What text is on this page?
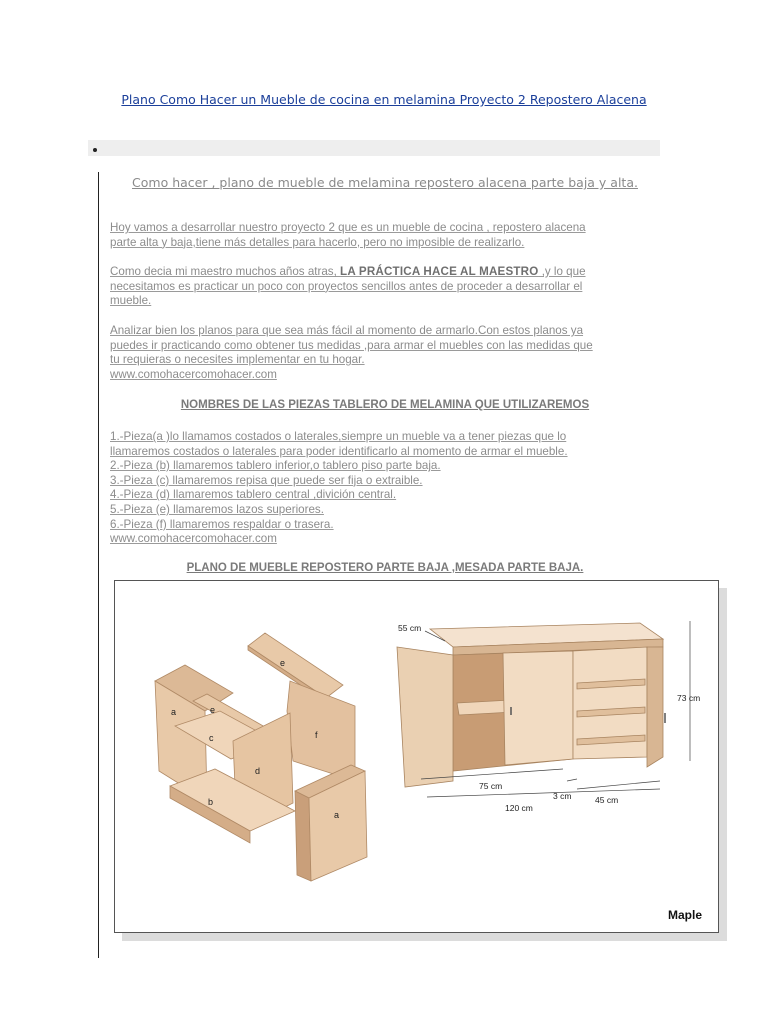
Plano Como Hacer un Mueble de cocina en melamina Proyecto 2 Repostero Alacena
Como hacer , plano de mueble de melamina repostero alacena parte baja y alta.
Hoy vamos a desarrollar nuestro proyecto 2 que es un mueble de cocina , repostero alacena
parte alta y baja,tiene más detalles para hacerlo, pero no imposible de realizarlo.
Como decia mi maestro muchos años atras, LA PRÁCTICA HACE AL MAESTRO ,y lo que
necesitamos es practicar un poco con proyectos sencillos antes de proceder a desarrollar el
mueble.
Analizar bien los planos para que sea más fácil al momento de armarlo.Con estos planos ya
puedes ir practicando como obtener tus medidas ,para armar el muebles con las medidas que
tu requieras o necesites implementar en tu hogar.
www.comohacercomohacer.com
NOMBRES DE LAS PIEZAS TABLERO DE MELAMINA QUE UTILIZAREMOS
1.-Pieza(a )lo llamamos costados o laterales,siempre un mueble va a tener piezas que lo
llamaremos costados o laterales para poder identificarlo al momento de armar el mueble.
2.-Pieza (b) llamaremos tablero inferior,o tablero piso parte baja.
3.-Pieza (c) llamaremos repisa que puede ser fija o extraible.
4.-Pieza (d) llamaremos tablero central ,divición central.
5.-Pieza (e) llamaremos lazos superiores.
6.-Pieza (f) llamaremos respaldar o trasera.
www.comohacercomohacer.com
PLANO DE MUEBLE REPOSTERO PARTE BAJA ,MESADA PARTE BAJA.
e
a	e
c	f
d
b
a
55 cm
73 cm
75 cm
3 cm	45 cm
120 cm
Maple
